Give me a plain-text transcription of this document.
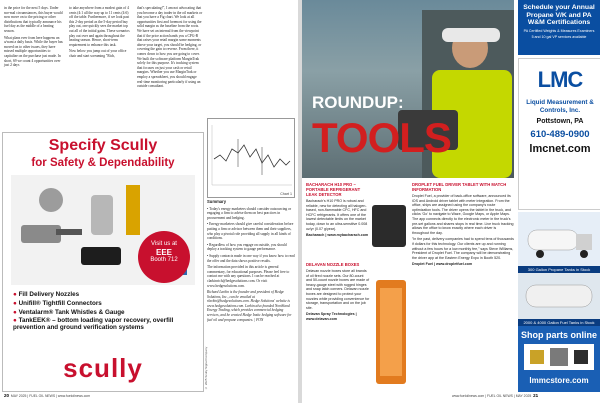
in the price for the next 5 days. Under nor-mal circumstances, this buyer would now move on to the pricing or other distributions that typically announce his fuel day as the middle of a heating season.

What plans ever from here happens on a/want a daily basis. While the buyer has moved on to other issues, they have missed multiple opportunities to capitalize on the purchase just made. In short, 69 we count 4 opportunities over just 2 days

to take anywhere from a modest gain of 4 cents (4:1 all the way up to 11 cents (4:6) off the table. Furthermore, if we look past this 2-day period as the 5-day period buy play out, one quickly sees the market top out all of the initial gains. These scenarios play out over and again throughout the heating season. Hence, short-term requirement to enhance this task.

Now below you jump out of your office chair and start screaming "Rich,

that's speculating!", I am not advocating that you become a day trader in the oil markets or that you have a Fig chart. We look at all opportunities first and foremost for using the solid margin as the baseline from the roots. We have set an internal from the viewpoint that if the price action hands you a CPG-B that raises your retail margin some moments above your target, you should be hedging, or covering the gain to reverse. From there, it comes down to how you are going to cover. We built the software platform MarginTrak solely for this purpose. It's tracking system that focuses on just your cash or retail margins. Whether you use MarginTrak or employ a spreadsheet, you should engage real-time monitoring particularly if using an outside consultant.

Chart 1

Summary

• Today's energy marketers should consider outsourcing or engaging a firm to advise them on best practices in procurement and hedging.

• Energy marketers should give careful consideration before putting a firm or advisor between them and their suppliers, who play a pivotal role providing all supply in all kinds of conditions.

• Regardless of how you engage on outside, you should deploy a tracking system to gauge performance.

• Supply contracts made in one way if you know how to read the offer and the data shows positive results.

The information provided in this article is general commentary, for educational purposes. Please feel free to contact me with any questions. I can be reached at clarkinrich@hedgesolutions.com. Or visit www.hedgesolutions.com.

Richard Larkin is the founder and president of Hedge Solutions, Inc., can be emailed at rlarkin@hedgesolutions.com. Hedge Solutions' website is www.hedgesolutions.com. Larkin also founded Northland Energy Trading, which provides commercial hedging services, and he created Hedge Instic hedging software for fuel oil and propane companies. | FON

Specify Scully
for Safety & Dependability
Visit us at
EEE
Booth 712
● Fill Delivery Nozzles
● Unifill® Tightfill Connectors
● Ventalarm® Tank Whistles & Gauge
● TankEEK® – bottom loading vapor recovery, overfill prevention and ground verification systems
scully	© 2025 Scully Signal Company
20 MAY 2025 | FUEL OIL NEWS | www.fueloilnews.com
ROUNDUP:
TOOLS

BACHARACH H10 PRO – PORTABLE REFRIGERANT LEAK DETECTOR

Bacharach's H10 PRO is robust and reliable, new for detecting all halogen-based, non-flammable CFC, HFC and HCFC refrigerants. It offers one of the lowest detectable limits on the market today, down to an ultra-sensitive 0.008 oz/yr (0.07 g/year).

Bacharach | www.mybacharach.com

DELAVAN NOZZLE BOXES

Delavan nozzle boxes store all brands of oil fired nozzle sets. Our 80-count and 50-count nozzle boxes are made of heavy-gauge steel with rugged hinges and snap latch corners. Delavan nozzle boxes are designed to protect your nozzles while providing convenience for storage, transportation and on the job site.

Delavan Spray Technologies | www.delavan.com

DROPLET FUEL DRIVER TABLET WITH MATCH INFORMATION

Droplet Fuel, a provider of back-office software, announced its iOS and Android driver tablet with meter integration. From the office, ships are assigned using the company's route optimization tools. The driver opens the tablet in the truck, and clicks 'Go' to navigate to Waze, Google Maps, or Apple Maps. The app connects directly to the electronic meter in the truck's pre-set gallons and shares stops in real time. Live truck tracking allows the office to know exactly where each driver is throughout the day.

"In the past, delivery companies had to spend tens of thousands if dollars for this technology. Our clients are up and running without a few hours for a low monthly fee," says Steve Williams, President of Droplet Fuel. The company will be demonstrating the driver app at the Eastern Energy Expo in Booth 520.

Droplet Fuel | www.dropletfuel.com

Schedule your Annual Propane V/K and PA W&M Certifications
PA Certified Weights & Measures Examiners
5 and 10 gal VP services available
LMC
Liquid Measurement & Controls, Inc.
Pottstown, PA
610-489-0900
lmcnet.com
300 Gallon Propane Tanks in Stock
2000 & 4000 Gallon Fuel Tanks in Stock
Shop parts online
lmmcstore.com
www.fueloilnews.com | FUEL OIL NEWS | MAY 2025 21
